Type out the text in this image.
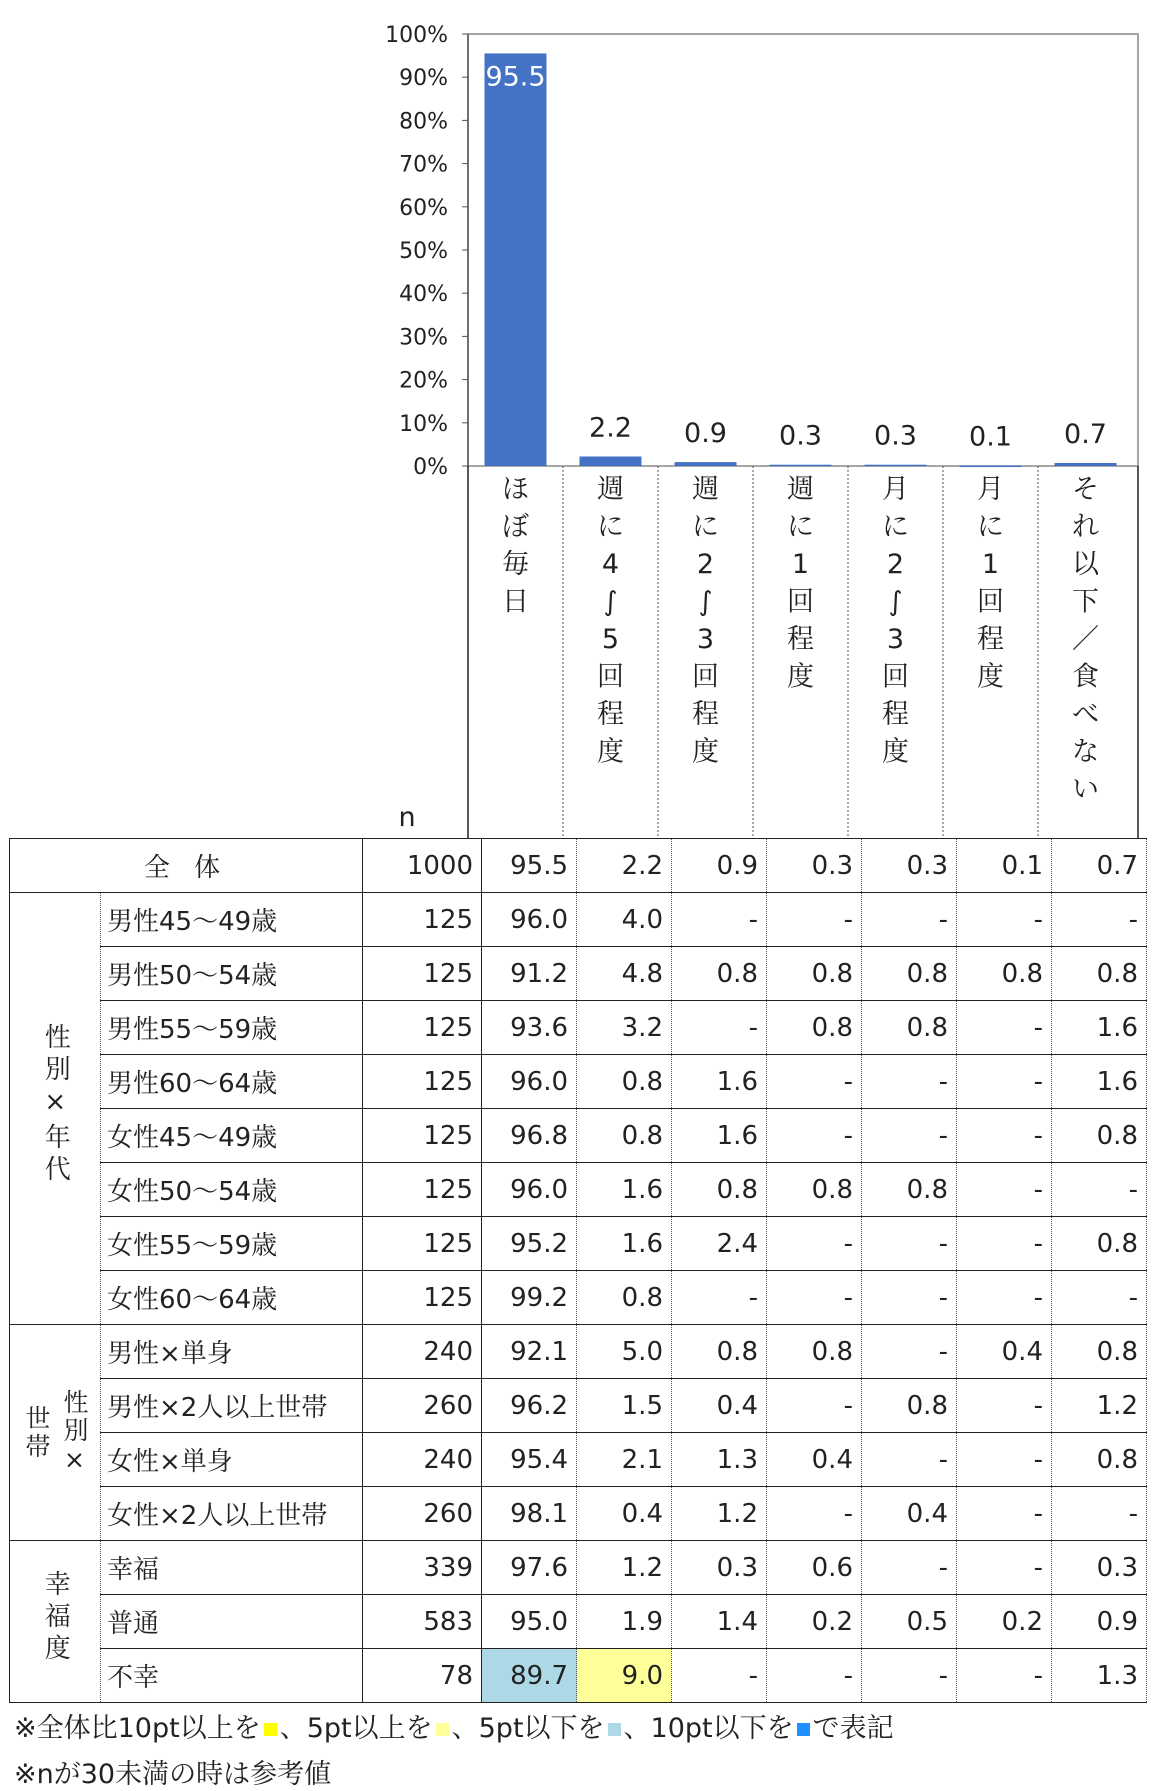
0%
10%
20%
30%
40%
50%
60%
70%
80%
90%
100%
95.5
2.2 0.9 0.3 0.3 0.1 0.7
ほ
ぼ
毎
日
週
に
4
∫
5
回
程
度
週
に
2
∫
3
回
程
度
週
に
1
回
程
度
月
に
2
∫
3
回
程
度
月
に
1
回
程
度
そ
れ
以
下
／
食
べ
な
い
n
全 体		1000	95.5	2.2	0.9	0.3	0.3	0.1	0.7
性別×年代	男性45〜49歳	125	96.0	4.0	-	-	-	-	-
	男性50〜54歳	125	91.2	4.8	0.8	0.8	0.8	0.8	0.8
	男性55〜59歳	125	93.6	3.2	-	0.8	0.8	-	1.6
	男性60〜64歳	125	96.0	0.8	1.6	-	-	-	1.6
	女性45〜49歳	125	96.8	0.8	1.6	-	-	-	0.8
	女性50〜54歳	125	96.0	1.6	0.8	0.8	0.8	-	-
	女性55〜59歳	125	95.2	1.6	2.4	-	-	-	0.8
	女性60〜64歳	125	99.2	0.8	-	-	-	-	-

性別×
世帯	男性×単身	240	92.1	5.0	0.8	0.8	-	0.4	0.8
	男性×2人以上世帯	260	96.2	1.5	0.4	-	0.8	-	1.2
	女性×単身	240	95.4	2.1	1.3	0.4	-	-	0.8
	女性×2人以上世帯	260	98.1	0.4	1.2	-	0.4	-	-
幸福度	幸福	339	97.6	1.2	0.3	0.6	-	-	0.3
	普通	583	95.0	1.9	1.4	0.2	0.5	0.2	0.9
	不幸	78	89.7	9.0	-	-	-	-	1.3
※全体比10pt以上を 、5pt以上を 、5pt以下を 、10pt以下を で表記
※nが30未満の時は参考値
